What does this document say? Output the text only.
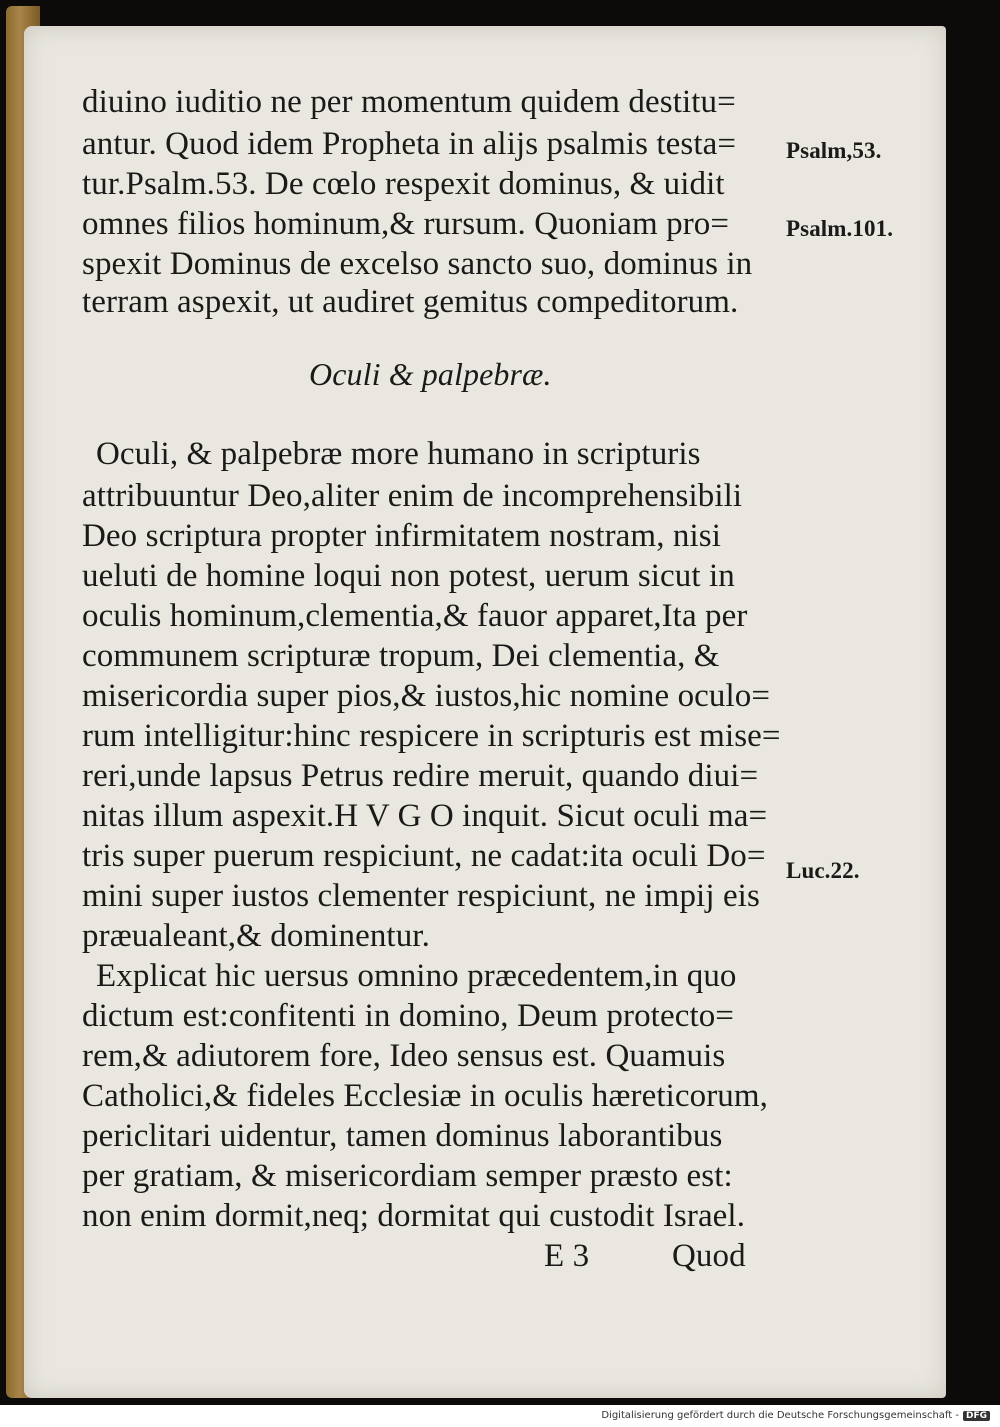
diuino iuditio ne per momentum quidem destitu=
antur. Quod idem Propheta in alijs psalmis testa=
tur.Psalm.53. De cœlo respexit dominus, & uidit
omnes filios hominum,& rursum. Quoniam pro=
spexit Dominus de excelso sancto suo, dominus in
terram aspexit, ut audiret gemitus compeditorum.
Psalm,53.
Psalm.101.
Oculi & palpebræ.
Oculi, & palpebræ more humano in scripturis
attribuuntur Deo,aliter enim de incomprehensibili
Deo scriptura propter infirmitatem nostram, nisi
ueluti de homine loqui non potest, uerum sicut in
oculis hominum,clementia,& fauor apparet,Ita per
communem scripturæ tropum, Dei clementia, &
misericordia super pios,& iustos,hic nomine oculo=
rum intelligitur:hinc respicere in scripturis est mise=
reri,unde lapsus Petrus redire meruit, quando diui=
nitas illum aspexit.H V G O inquit. Sicut oculi ma=
tris super puerum respiciunt, ne cadat:ita oculi Do=
mini super iustos clementer respiciunt, ne impij eis
præualeant,& dominentur.
Explicat hic uersus omnino præcedentem,in quo
dictum est:confitenti in domino, Deum protecto=
rem,& adiutorem fore, Ideo sensus est. Quamuis
Catholici,& fideles Ecclesiæ in oculis hæreticorum,
periclitari uidentur, tamen dominus laborantibus
per gratiam, & misericordiam semper præsto est:
non enim dormit,neq; dormitat qui custodit Israel.
Luc.22.
E 3	Quod
Digitalisierung gefördert durch die Deutsche Forschungsgemeinschaft - DFG
